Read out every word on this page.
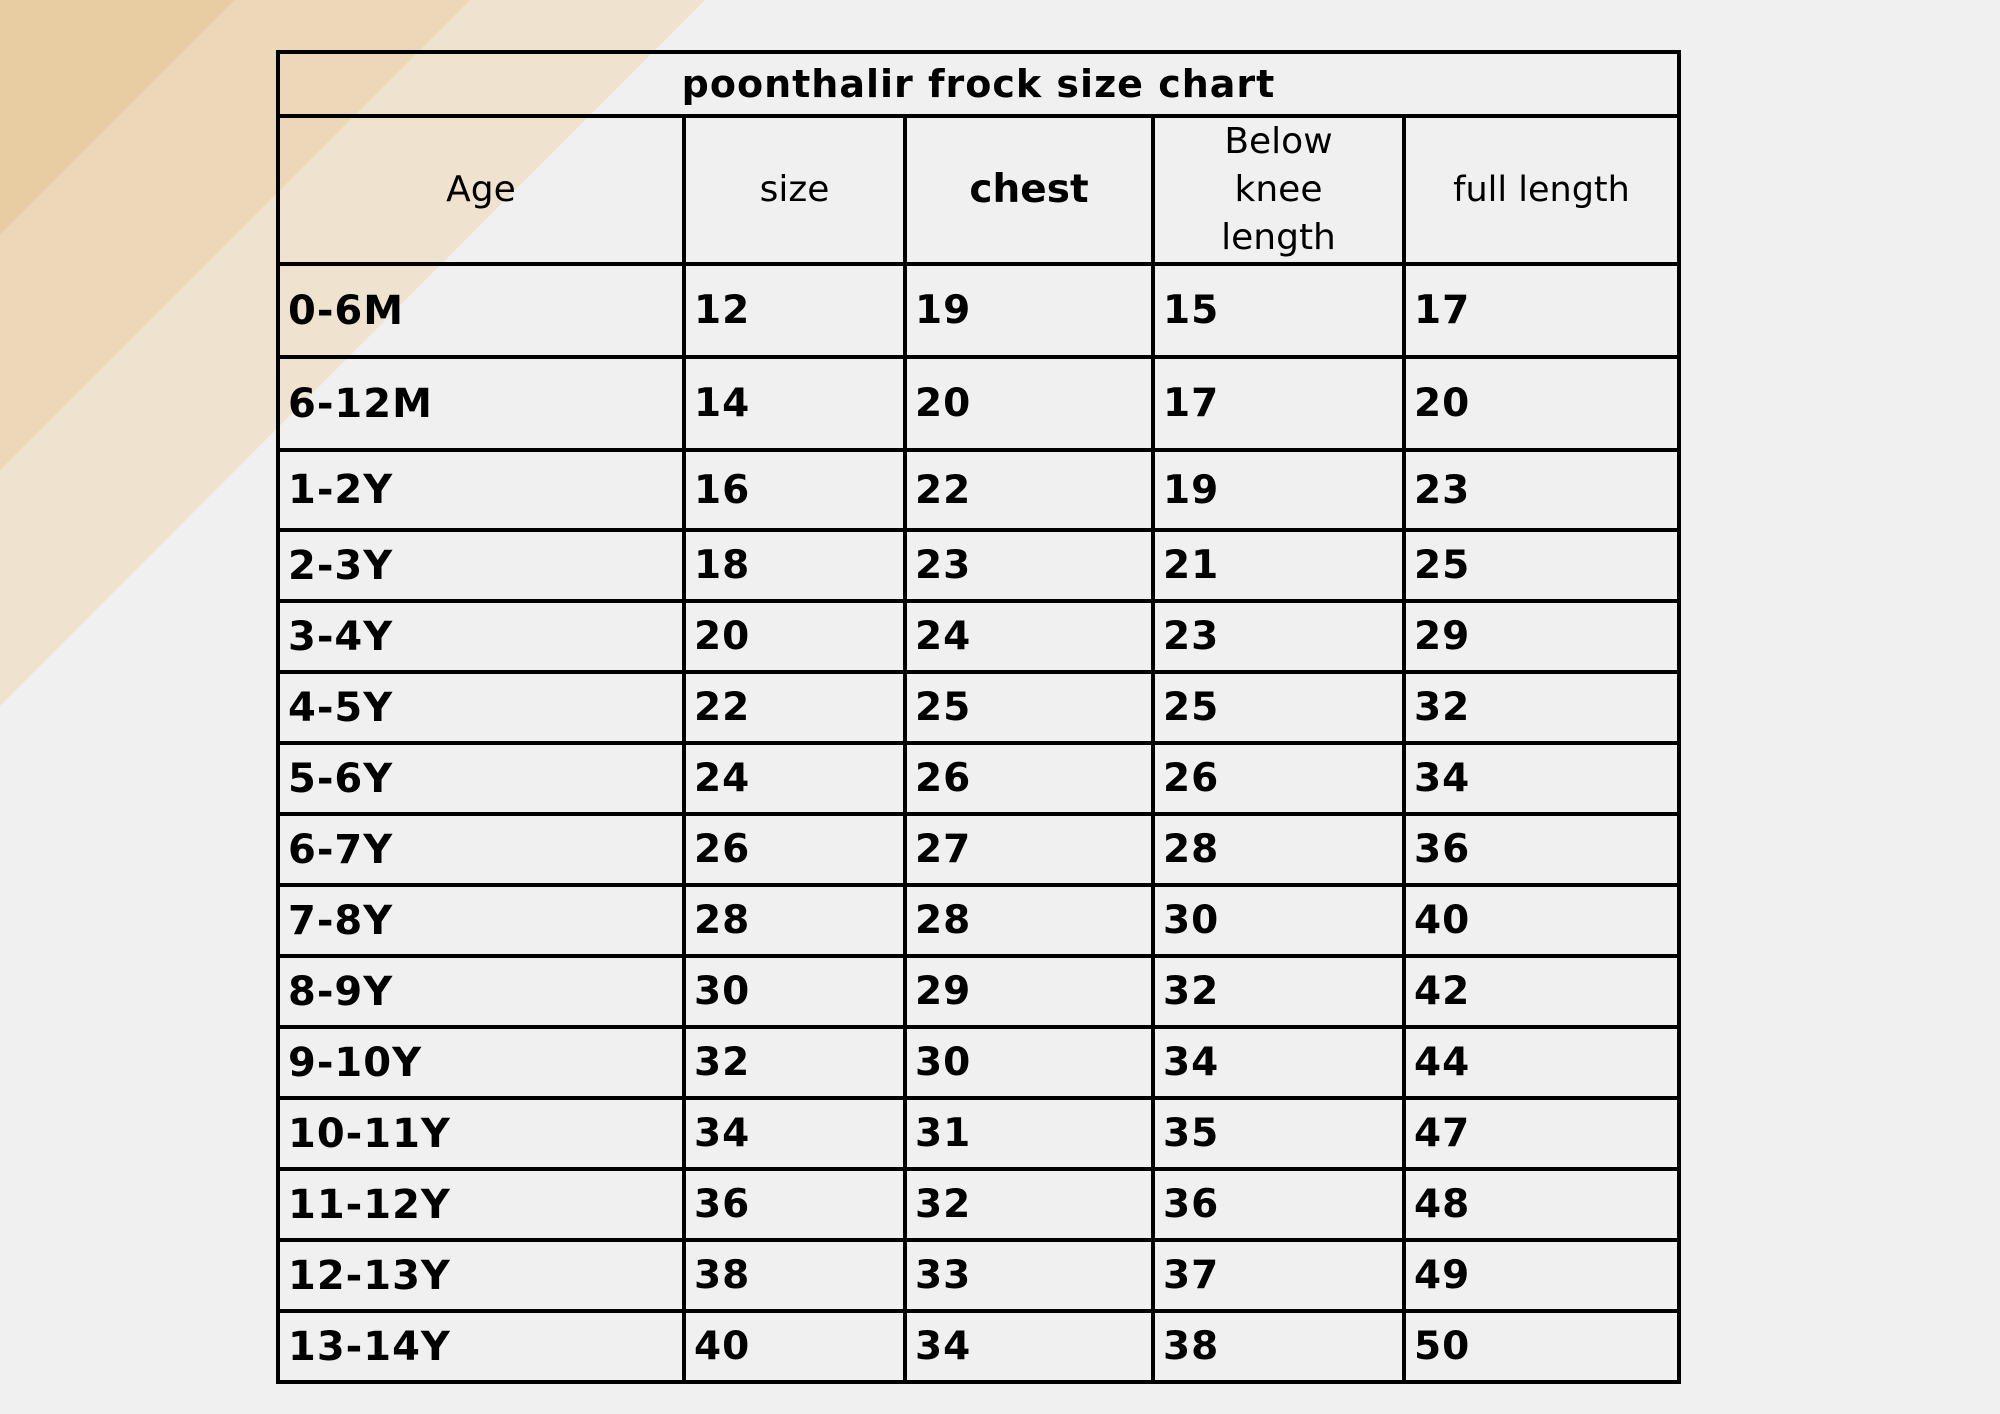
poonthalir frock size chart				
Age	size	chest	Below knee length	full length
0-6M	12	19	15	17
6-12M	14	20	17	20
1-2Y	16	22	19	23
2-3Y	18	23	21	25
3-4Y	20	24	23	29
4-5Y	22	25	25	32
5-6Y	24	26	26	34
6-7Y	26	27	28	36
7-8Y	28	28	30	40
8-9Y	30	29	32	42
9-10Y	32	30	34	44
10-11Y	34	31	35	47
11-12Y	36	32	36	48
12-13Y	38	33	37	49
13-14Y	40	34	38	50
